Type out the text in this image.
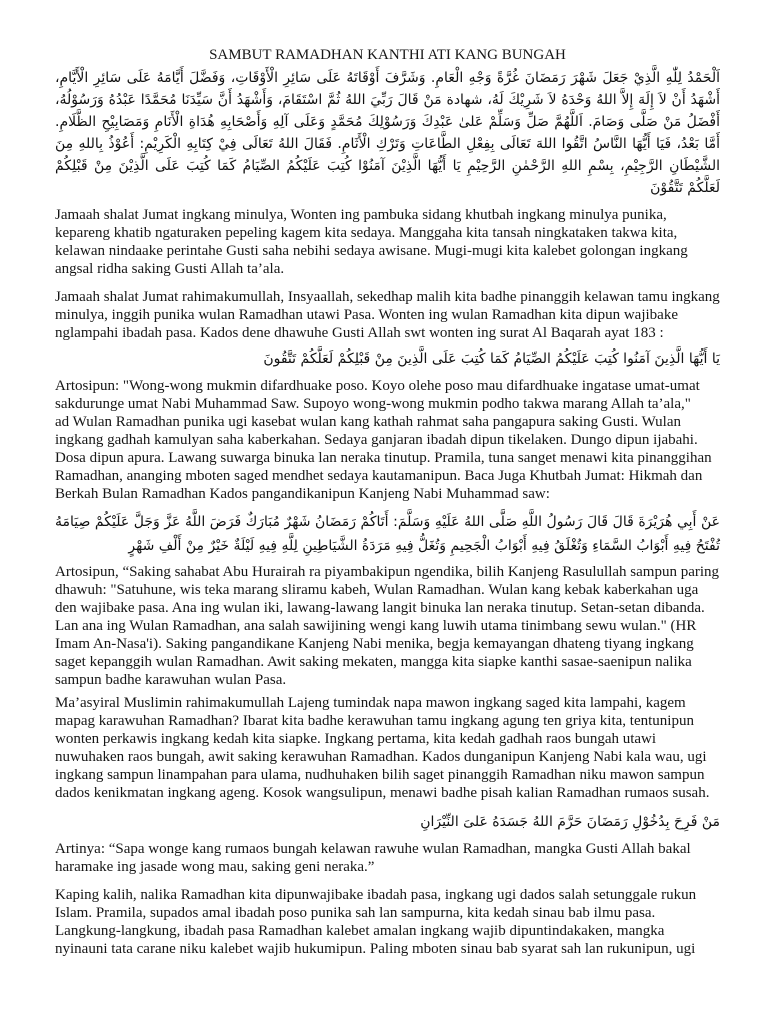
SAMBUT RAMADHAN KANTHI ATI KANG BUNGAH
اَلْحَمْدُ لِلّٰهِ الَّذِيْ جَعَلَ شَهْرَ رَمَضَانَ غُرَّةً وَجْهِ الْعَامِ. وَشَرَّفَ أَوْقَاتَهُ عَلَى سَائِرِ الْأَوْقَاتِ، وَفَضَّلَ أَيَّامَهُ عَلَى سَائِرِ الْأَيَّامِ، أَشْهَدُ أَنْ لاَ إِلَهَ إِلاَّ اللهُ وَحْدَهُ لاَ شَرِيْكَ لَهُ، شهادة مَنْ قَالَ رَبِّيَ اللهُ ثُمَّ اسْتَقَامَ، وَأَشْهَدُ أَنَّ سَيِّدَنَا مُحَمَّدًا عَبْدُهُ وَرَسُوْلُهُ، أَفْضَلُ مَنْ صَلَّى وَصَامَ. اَللَّهُمَّ صَلِّ وَسَلِّمْ عَلىٰ عَبْدِكَ وَرَسُوْلِكَ مُحَمَّدٍ وَعَلَى آلِهِ وَأَصْحَابِهِ هُدَاةِ الْأَنَامِ وَمَصَابِيْحِ الظَّلَامِ. أَمَّا بَعْدُ، فَيَا أَيُّهَا النَّاسُ اتَّقُوا اللهَ تَعَالَى بِفِعْلِ الطَّاعَاتِ وَتَرْكِ الْأَثَامِ. فَقَالَ اللهُ تَعَالَى فِيْ كِتَابِهِ الْكَرِيْمِ: أَعُوْذُ بِاللهِ مِنَ الشَّيْطَانِ الرَّجِيْمِ، بِسْمِ اللهِ الرَّحْمٰنِ الرَّحِيْمِ يَا أَيُّهَا الَّذِيْنَ آمَنُوْا كُتِبَ عَلَيْكُمُ الصِّيَامُ كَمَا كُتِبَ عَلَى الَّذِيْنَ مِنْ قَبْلِكُمْ لَعَلَّكُمْ تَتَّقُوْنَ

Jamaah shalat Jumat ingkang minulya, Wonten ing pambuka sidang khutbah ingkang minulya punika, kepareng khatib ngaturaken pepeling kagem kita sedaya. Manggaha kita tansah ningkataken takwa kita, kelawan nindaake perintahe Gusti saha nebihi sedaya awisane. Mugi-mugi kita kalebet golongan ingkang angsal ridha saking Gusti Allah ta’ala.

Jamaah shalat Jumat rahimakumullah, Insyaallah, sekedhap malih kita badhe pinanggih kelawan tamu ingkang minulya, inggih punika wulan Ramadhan utawi Pasa. Wonten ing wulan Ramadhan kita dipun wajibake nglampahi ibadah pasa. Kados dene dhawuhe Gusti Allah swt wonten ing surat Al Baqarah ayat 183 :

يَا أَيُّهَا الَّذِينَ آمَنُوا كُتِبَ عَلَيْكُمُ الصِّيَامُ كَمَا كُتِبَ عَلَى الَّذِينَ مِنْ قَبْلِكُمْ لَعَلَّكُمْ تَتَّقُونَ

Artosipun: "Wong-wong mukmin difardhuake poso. Koyo olehe poso mau difardhuake ingatase umat-umat sakdurunge umat Nabi Muhammad Saw. Supoyo wong-wong mukmin podho takwa marang Allah ta’ala,"
ad Wulan Ramadhan punika ugi kasebat wulan kang kathah rahmat saha pangapura saking Gusti. Wulan ingkang gadhah kamulyan saha kaberkahan. Sedaya ganjaran ibadah dipun tikelaken. Dungo dipun ijabahi. Dosa dipun apura. Lawang suwarga binuka lan neraka tinutup. Pramila, tuna sanget menawi kita pinanggihan Ramadhan, ananging mboten saged mendhet sedaya kautamanipun. Baca Juga Khutbah Jumat: Hikmah dan Berkah Bulan Ramadhan Kados pangandikanipun Kanjeng Nabi Muhammad saw:

عَنْ أَبِي هُرَيْرَةَ قَالَ قَالَ رَسُولُ اللَّهِ صَلَّى اللهُ عَلَيْهِ وَسَلَّمَ: أَتَاكُمْ رَمَضَانُ شَهْرٌ مُبَارَكٌ فَرَضَ اللَّهُ عَزَّ وَجَلَّ عَلَيْكُمْ صِيَامَهُ تُفْتَحُ فِيهِ أَبْوَابُ السَّمَاءِ وَتُغْلَقُ فِيهِ أَبْوَابُ الْجَحِيمِ وَتُغَلُّ فِيهِ مَرَدَةُ الشَّيَاطِينِ لِلَّهِ فِيهِ لَيْلَةٌ خَيْرٌ مِنْ أَلْفِ شَهْرٍ

Artosipun, “Saking sahabat Abu Hurairah ra piyambakipun ngendika, bilih Kanjeng Rasulullah sampun paring dhawuh: "Satuhune, wis teka marang sliramu kabeh, Wulan Ramadhan. Wulan kang kebak kaberkahan uga den wajibake pasa. Ana ing wulan iki, lawang-lawang langit binuka lan neraka tinutup. Setan-setan dibanda. Lan ana ing Wulan Ramadhan, ana salah sawijining wengi kang luwih utama tinimbang sewu wulan." (HR Imam An-Nasa'i). Saking pangandikane Kanjeng Nabi menika, begja kemayangan dhateng tiyang ingkang saget kepanggih wulan Ramadhan. Awit saking mekaten, mangga kita siapke kanthi sasae-saenipun nalika sampun badhe karawuhan wulan Pasa.

Ma’asyiral Muslimin rahimakumullah Lajeng tumindak napa mawon ingkang saged kita lampahi, kagem mapag karawuhan Ramadhan? Ibarat kita badhe kerawuhan tamu ingkang agung ten griya kita, tentunipun wonten perkawis ingkang kedah kita siapke. Ingkang pertama, kita kedah gadhah raos bungah utawi nuwuhaken raos bungah, awit saking kerawuhan Ramadhan. Kados dunganipun Kanjeng Nabi kala wau, ugi ingkang sampun linampahan para ulama, nudhuhaken bilih saget pinanggih Ramadhan niku mawon sampun dados kenikmatan ingkang ageng. Kosok wangsulipun, menawi badhe pisah kalian Ramadhan rumaos susah.

مَنْ فَرِحَ بِدُخُوْلِ رَمَضَانَ حَرَّمَ اللهُ جَسَدَهُ عَلىَ النِّيْرَانِ

Artinya: “Sapa wonge kang rumaos bungah kelawan rawuhe wulan Ramadhan, mangka Gusti Allah bakal haramake ing jasade wong mau, saking geni neraka.”

Kaping kalih, nalika Ramadhan kita dipunwajibake ibadah pasa, ingkang ugi dados salah setunggale rukun Islam. Pramila, supados amal ibadah poso punika sah lan sampurna, kita kedah sinau bab ilmu pasa. Langkung-langkung, ibadah pasa Ramadhan kalebet amalan ingkang wajib dipuntindakaken, mangka nyinauni tata carane niku kalebet wajib hukumipun. Paling mboten sinau bab syarat sah lan rukunipun, ugi
